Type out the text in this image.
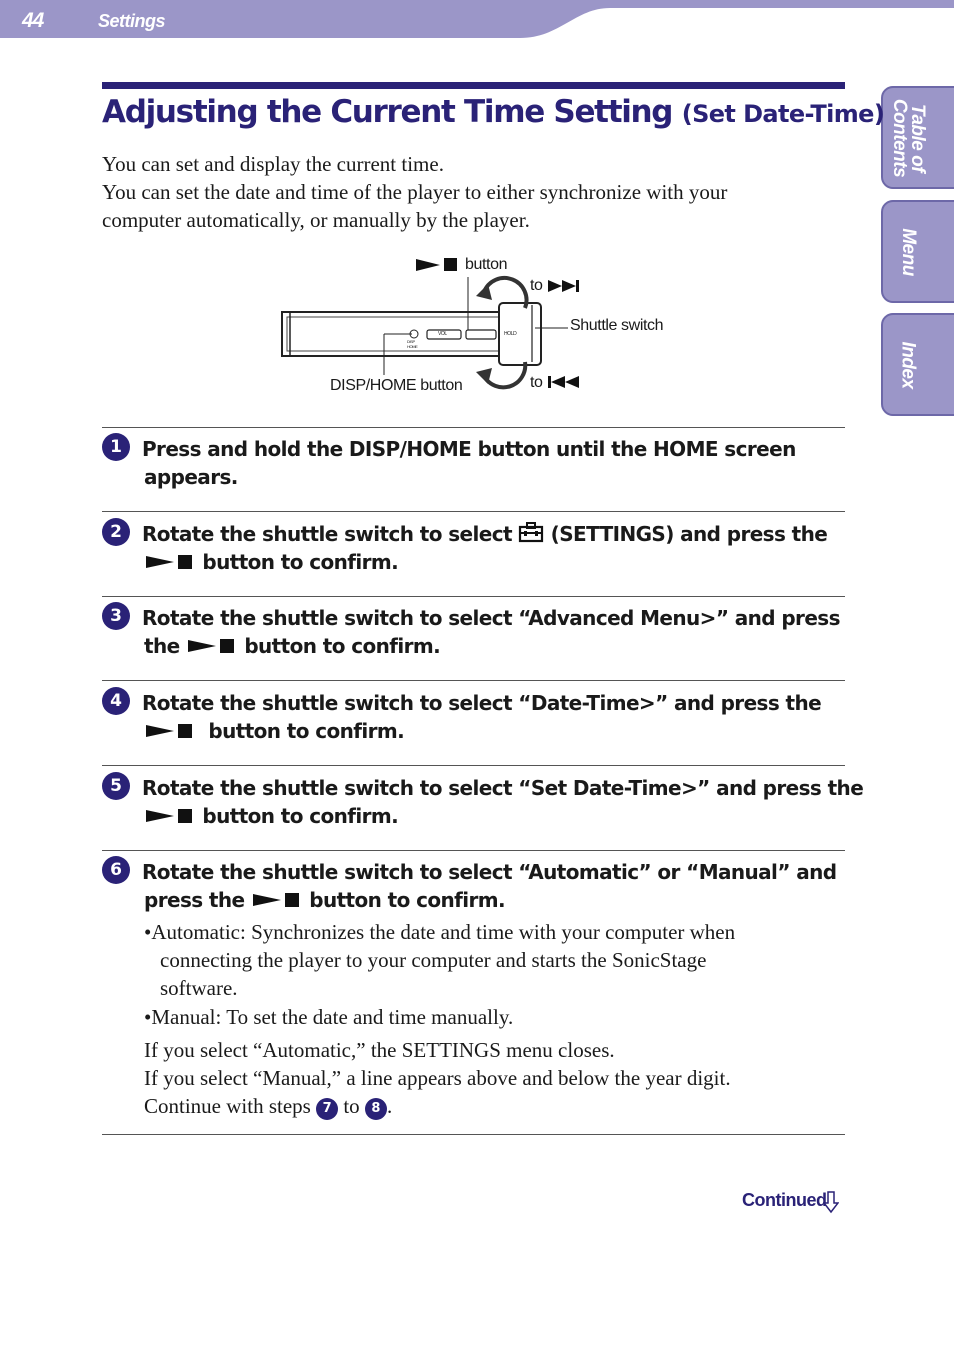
44	Settings
Table of
Contents
Menu
Index
Adjusting the Current Time Setting (Set Date-Time)
You can set and display the current time.
You can set the date and time of the player to either synchronize with your
computer automatically, or manually by the player.
button
to
Shuttle switch
DISP/HOME button	to
VOL	HOLD
DISP
HOME
1	Press and hold the DISP/HOME button until the HOME screen
appears.
2	Rotate the shuttle switch to select (SETTINGS) and press the
button to confirm.
3	Rotate the shuttle switch to select “Advanced Menu>” and press
the	button to confirm.
4	Rotate the shuttle switch to select “Date-Time>” and press the
button to confirm.
5	Rotate the shuttle switch to select “Set Date-Time>” and press the
button to confirm.
6	Rotate the shuttle switch to select “Automatic” or “Manual” and
press the	button to confirm.
•Automatic: Synchronizes the date and time with your computer when
connecting the player to your computer and starts the SonicStage
software.
•Manual: To set the date and time manually.
If you select “Automatic,” the SETTINGS menu closes.
If you select “Manual,” a line appears above and below the year digit.
Continue with steps 7 to 8 .
Continued
